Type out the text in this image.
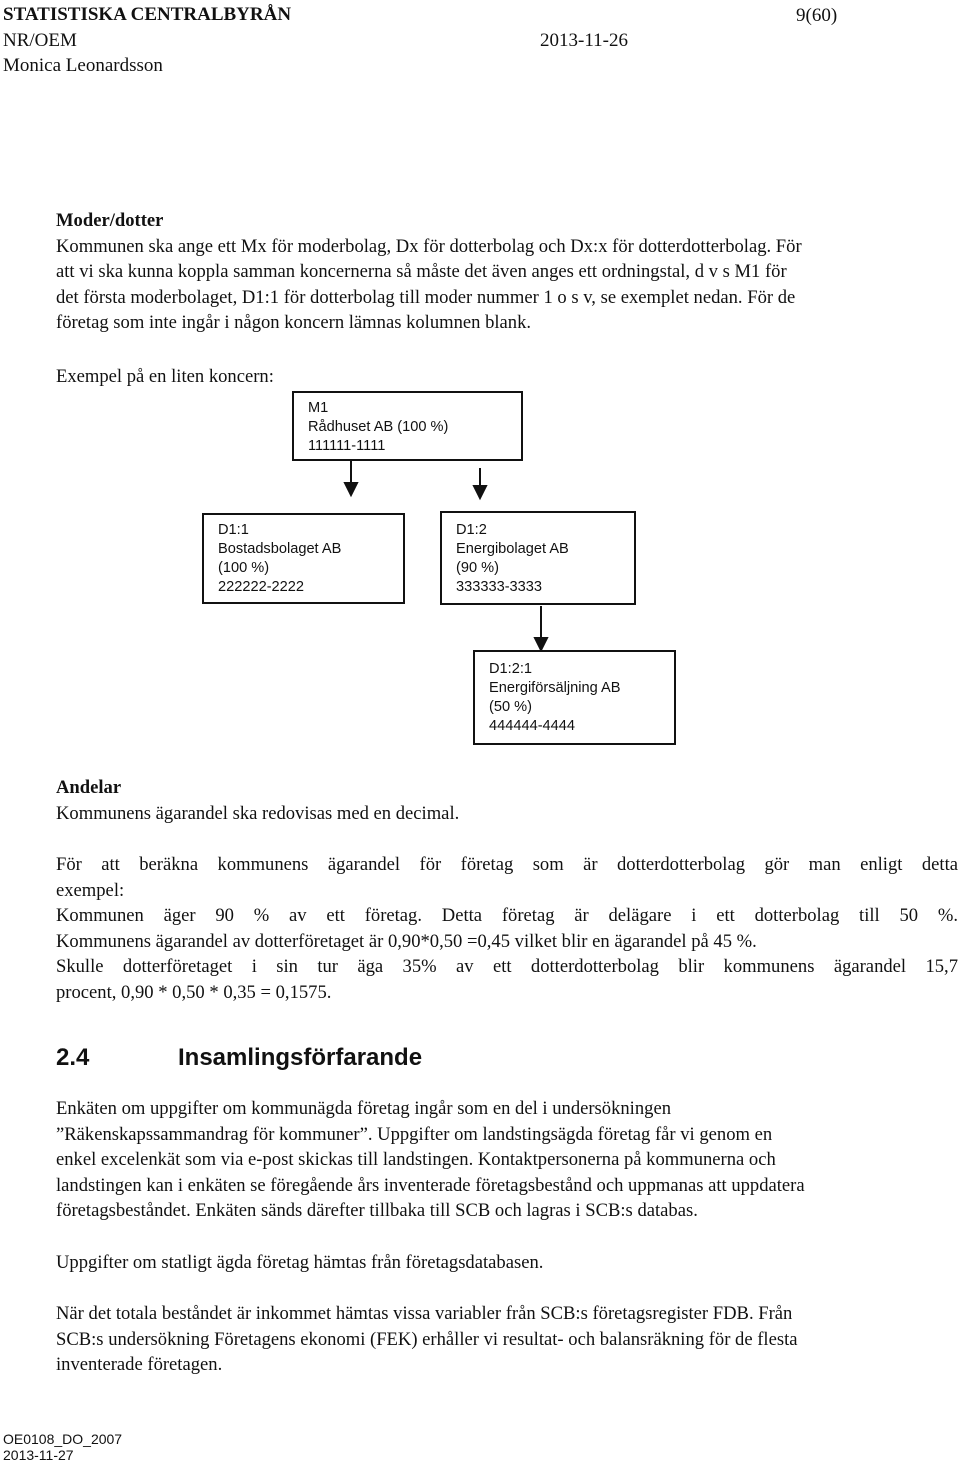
STATISTISKA CENTRALBYRÅN	9(60)
NR/OEM	2013-11-26
Monica Leonardsson
Moder/dotter
Kommunen ska ange ett Mx för moderbolag, Dx för dotterbolag och Dx:x för dotterdotterbolag. För
att vi ska kunna koppla samman koncernerna så måste det även anges ett ordningstal, d v s M1 för
det första moderbolaget, D1:1 för dotterbolag till moder nummer 1 o s v, se exemplet nedan. För de
företag som inte ingår i någon koncern lämnas kolumnen blank.
Exempel på en liten koncern:
M1
Rådhuset AB (100 %)
111111-1111
D1:1
Bostadsbolaget AB
(100 %)
222222-2222
D1:2
Energibolaget AB
(90 %)
333333-3333
D1:2:1
Energiförsäljning AB
(50 %)
444444-4444
Andelar
Kommunens ägarandel ska redovisas med en decimal.
För att beräkna kommunens ägarandel för företag som är dotterdotterbolag gör man enligt detta
exempel:
Kommunen äger 90 % av ett företag. Detta företag är delägare i ett dotterbolag till 50 %.
Kommunens ägarandel av dotterföretaget är 0,90*0,50 =0,45 vilket blir en ägarandel på 45 %.
Skulle dotterföretaget i sin tur äga 35% av ett dotterdotterbolag blir kommunens ägarandel 15,7
procent, 0,90 * 0,50 * 0,35 = 0,1575.
2.4	Insamlingsförfarande
Enkäten om uppgifter om kommunägda företag ingår som en del i undersökningen
”Räkenskapssammandrag för kommuner”. Uppgifter om landstingsägda företag får vi genom en
enkel excelenkät som via e-post skickas till landstingen. Kontaktpersonerna på kommunerna och
landstingen kan i enkäten se föregående års inventerade företagsbestånd och uppmanas att uppdatera
företagsbeståndet. Enkäten sänds därefter tillbaka till SCB och lagras i SCB:s databas.
Uppgifter om statligt ägda företag hämtas från företagsdatabasen.
När det totala beståndet är inkommet hämtas vissa variabler från SCB:s företagsregister FDB. Från
SCB:s undersökning Företagens ekonomi (FEK) erhåller vi resultat- och balansräkning för de flesta
inventerade företagen.
OE0108_DO_2007
2013-11-27
